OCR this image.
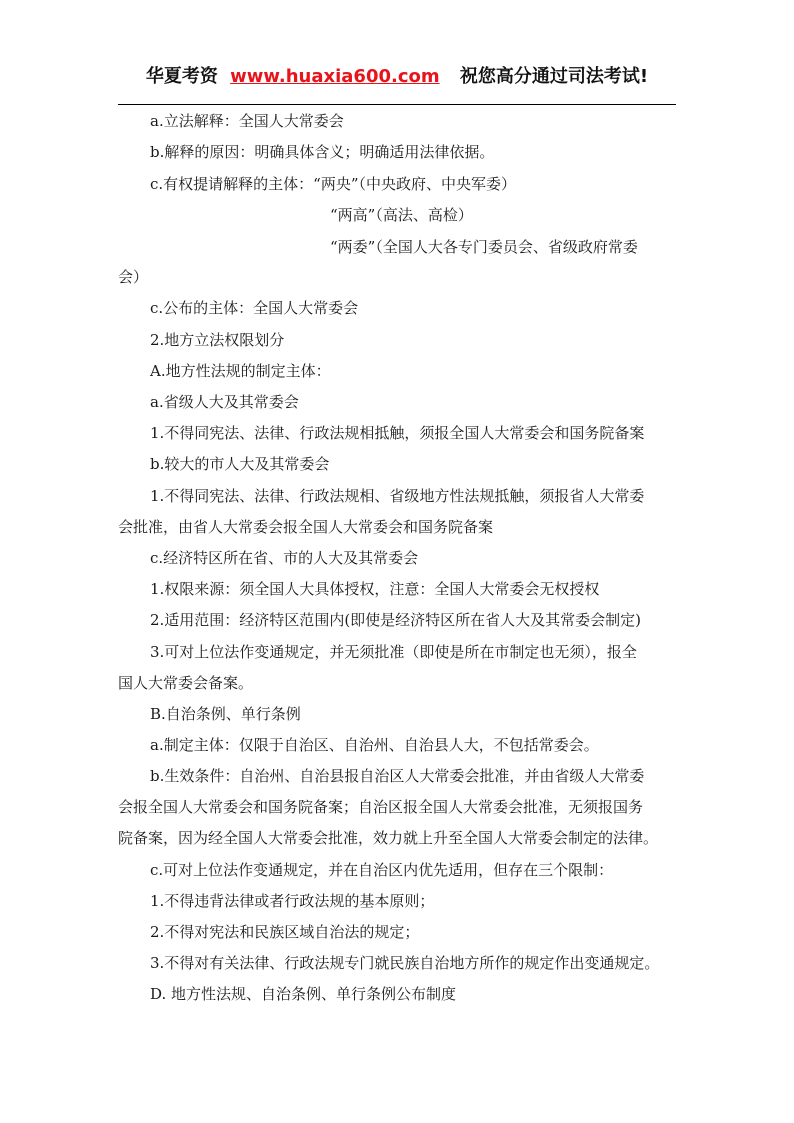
华夏考资 www.huaxia600.com 祝您高分通过司法考试!
a.立法解释：全国人大常委会
b.解释的原因：明确具体含义；明确适用法律依据。
c.有权提请解释的主体：“两央”（中央政府、中央军委）
“两高”（高法、高检）
“两委”（全国人大各专门委员会、省级政府常委
会）
c.公布的主体：全国人大常委会
2.地方立法权限划分
A.地方性法规的制定主体：
a.省级人大及其常委会
1.不得同宪法、法律、行政法规相抵触，须报全国人大常委会和国务院备案
b.较大的市人大及其常委会
1.不得同宪法、法律、行政法规相、省级地方性法规抵触，须报省人大常委
会批准，由省人大常委会报全国人大常委会和国务院备案
c.经济特区所在省、市的人大及其常委会
1.权限来源：须全国人大具体授权，注意：全国人大常委会无权授权
2.适用范围：经济特区范围内(即使是经济特区所在省人大及其常委会制定)
3.可对上位法作变通规定，并无须批准（即使是所在市制定也无须），报全
国人大常委会备案。
B.自治条例、单行条例
a.制定主体：仅限于自治区、自治州、自治县人大，不包括常委会。
b.生效条件：自治州、自治县报自治区人大常委会批准，并由省级人大常委
会报全国人大常委会和国务院备案；自治区报全国人大常委会批准，无须报国务
院备案，因为经全国人大常委会批准，效力就上升至全国人大常委会制定的法律。
c.可对上位法作变通规定，并在自治区内优先适用，但存在三个限制：
1.不得违背法律或者行政法规的基本原则；
2.不得对宪法和民族区域自治法的规定；
3.不得对有关法律、行政法规专门就民族自治地方所作的规定作出变通规定。
D. 地方性法规、自治条例、单行条例公布制度
